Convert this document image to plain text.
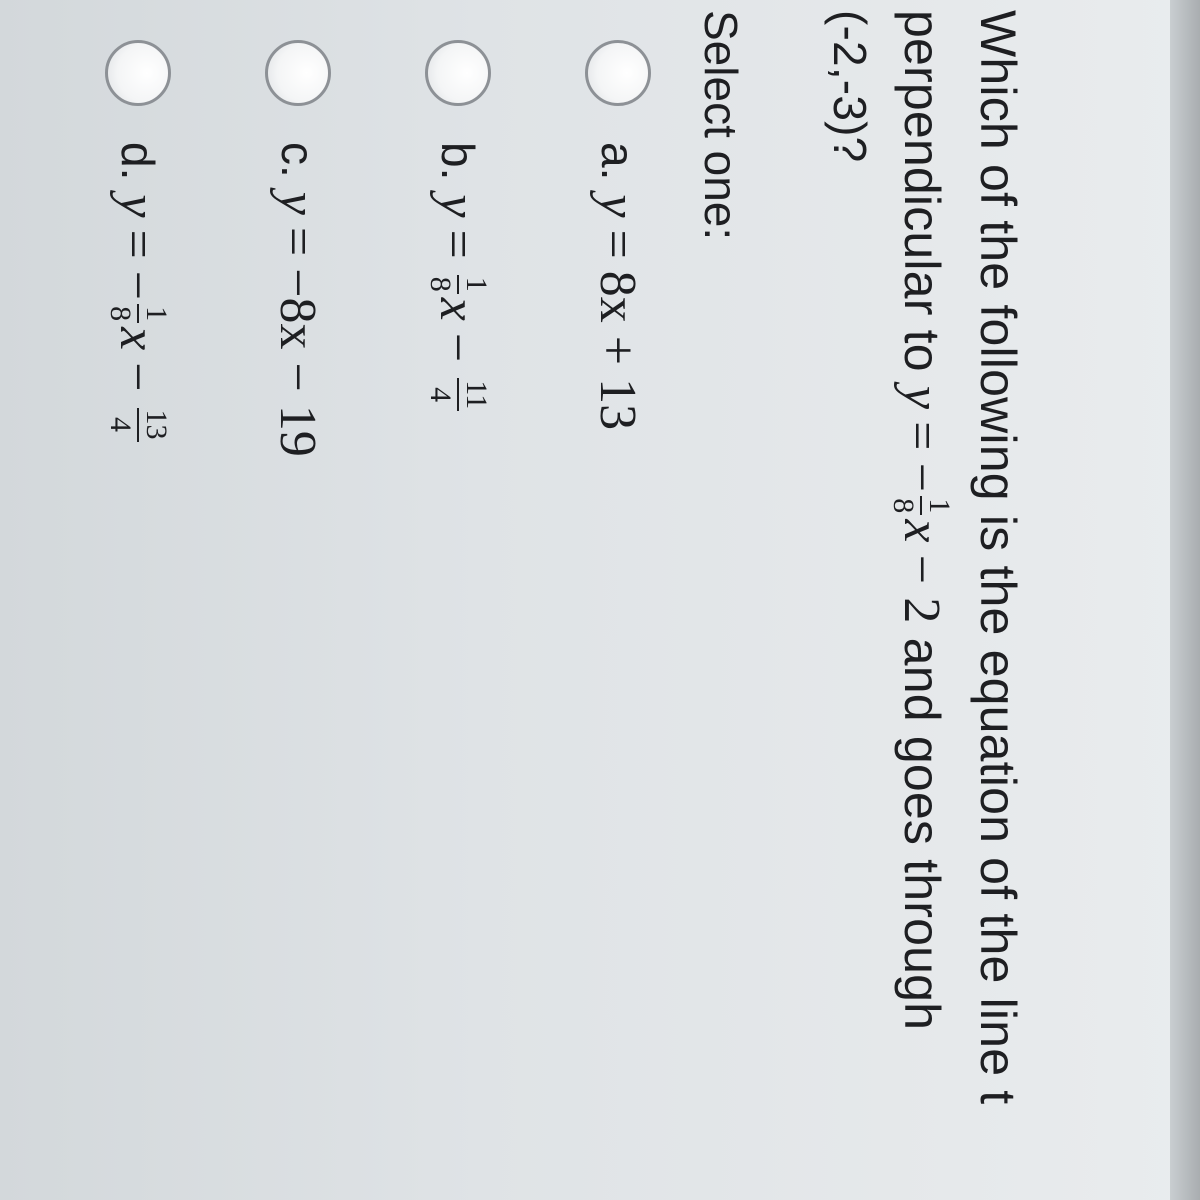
Which of the following is the equation of the line t
perpendicular to
y
=
−
1
8
x
− 2
and goes through
(-2,-3)?
Select one:
a.
y
=
8x + 13
b.
y
=
1
8
x
−
11
4
c.
y
=
−8x − 19
d.
y
=
−
1
8
x
−
13
4
